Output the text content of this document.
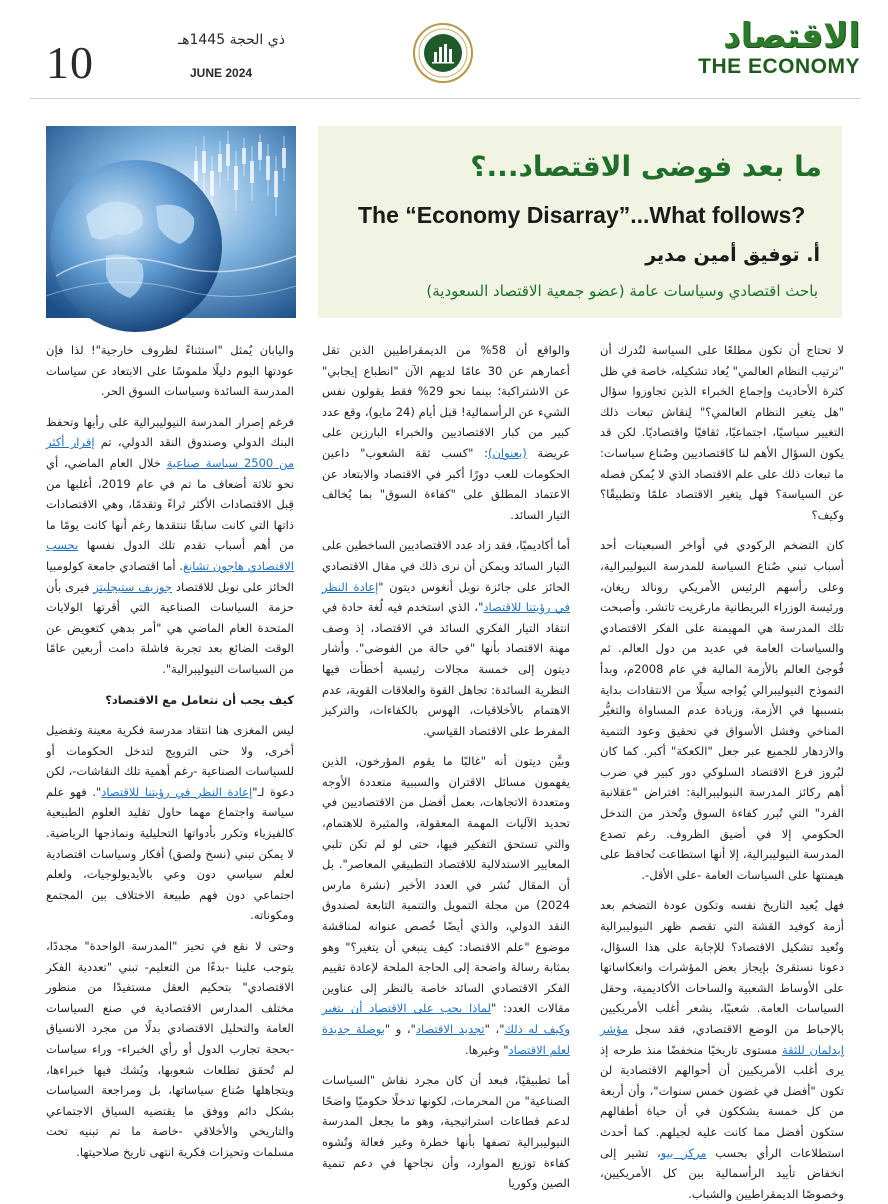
10	ذي الحجة 1445هـ
JUNE 2024
الاقتصاد
THE ECONOMY
ما بعد فوضى الاقتصاد...؟
The “Economy Disarray”...What follows?
أ. توفيق أمين مدير
باحث اقتصادي وسياسات عامة (عضو جمعية الاقتصاد السعودية)

لا تحتاج أن تكون مطلعًا على السياسة لتُدرك أن "ترتيب النظام العالمي" يُعاد تشكيله، خاصة في ظل كثرة الأحاديث وإجماع الخبراء الذين تجاوزوا سؤال "هل يتغير النظام العالمي؟" لِنقاش تبعات ذلك التغيير سياسيًا، اجتماعيًا، ثقافيًا واقتصاديًا. لكن قد يكون السؤال الأهم لنا كاقتصاديين وصُناع سياسات: ما تبعات ذلك على علم الاقتصاد الذي لا يُمكن فصله عن السياسة؟ فهل يتغير الاقتصاد علمًا وتطبيقًا؟ وكيف؟

كان التضخم الركودي في أواخر السبعينات أحد أسباب تبني صُناع السياسة للمدرسة النيوليبرالية، وعلى رأسهم الرئيس الأمريكي رونالد ريغان، ورئيسة الوزراء البريطانية مارغريت تاتشر. وأصبحت تلك المدرسة هي المهيمنة على الفكر الاقتصادي والسياسات العامة في عديد من دول العالم. ثم فُوجئ العالم بالأزمة المالية في عام 2008م، وبدأ النموذج النيوليبرالي يُواجه سيلًا من الانتقادات بداية بتسببها في الأزمة، وزيادة عدم المساواة والتغيُّر المناخي وفشل الأسواق في تحقيق وعود التنمية والازدهار للجميع عبر جعل "الكعكة" أكبر. كما كان لبُروز فرع الاقتصاد السلوكي دور كبير في ضرب أهم ركائز المدرسة النيوليبرالية: افتراض "عقلانية الفرد" التي تُبرر كفاءة السوق وتُحذر من التدخل الحكومي إلا في أضيق الظروف. رغم تصدع المدرسة النيوليبرالية، إلا أنها استطاعت تُحافظ على هيمنتها على السياسات العامة -على الأقل-.

فهل يُعيد التاريخ نفسه وتكون عودة التضخم بعد أزمة كوفيد القشة التي تقصم ظهر النيوليبرالية وتُعيد تشكيل الاقتصاد؟ للإجابة على هذا السؤال، دعونا نستقرئ بإيجاز بعض المؤشرات وانعكاساتها على الأوساط الشعبية والساحات الأكاديمية، وحقل السياسات العامة. شعبيًا، يشعر أغلب الأمريكيين بالإحباط من الوضع الاقتصادي، فقد سجل مؤشر إيدلمان للثقة مستوى تاريخيًا منخفضًا منذ طرحه إذ يرى أغلب الأمريكيين أن أحوالهم الاقتصادية لن تكون "أفضل في غضون خمس سنوات"، وأن أربعة من كل خمسة يشككون في أن حياة أطفالهم ستكون أفضل مما كانت عليه لجيلهم. كما أحدث استطلاعات الرأي بحسب مركز بيو، تشير إلى انخفاض تأييد الرأسمالية بين كل الأمريكيين، وخصوصًا الديمقراطيين والشباب.

والواقع أن 58% من الديمقراطيين الذين تقل أعمارهم عن 30 عامًا لديهم الآن "انطباع إيجابي" عن الاشتراكية؛ بينما نحو 29% فقط يقولون نفس الشيء عن الرأسمالية! قبل أيام (24 مايو)، وقع عدد كبير من كبار الاقتصاديين والخبراء البارزين على عريضة (بعنوان): "كسب ثقة الشعوب" داعين الحكومات للعب دورًا أكبر في الاقتصاد والابتعاد عن الاعتماد المطلق على "كفاءة السوق" بما يُخالف التيار السائد.

أما أكاديميًا، فقد زاد عدد الاقتصاديين الساخطين على التيار السائد ويمكن أن نرى ذلك في مقال الاقتصادي الحائز على جائزة نوبل أنغوس ديتون "إعادة النظر في رؤيتنا للاقتصاد"، الذي استخدم فيه لُغة حادة في انتقاد التيار الفكري السائد في الاقتصاد، إذ وصف مهنة الاقتصاد بأنها "في حالة من الفوضى". وأشار ديتون إلى خمسة مجالات رئيسية أخطأت فيها النظرية السائدة: تجاهل القوة والعلاقات القوية، عدم الاهتمام بالأخلاقيات، الهوس بالكفاءات، والتركيز المفرط على الاقتصاد القياسي.

وبيَّن ديتون أنه "غالبًا ما يقوم المؤرخون، الذين يفهمون مسائل الاقتران والسببية متعددة الأوجه ومتعددة الاتجاهات، بعمل أفضل من الاقتصاديين في تحديد الآليات المهمة المعقولة، والمثيرة للاهتمام، والتي تستحق التفكير فيها، حتى لو لم تكن تلبي المعايير الاستدلالية للاقتصاد التطبيقي المعاصر". بل أن المقال نُشر في العدد الأخير (نشرة مارس 2024) من مجلة التمويل والتنمية التابعة لصندوق النقد الدولي، والذي أيضًا خُصص عنوانه لمناقشة موضوع "علم الاقتصاد: كيف ينبغي أن يتغير؟" وهو بمثابة رسالة واضحة إلى الحاجة الملحة لإعادة تقييم الفكر الاقتصادي السائد خاصة بالنظر إلى عناوين مقالات العدد: "لماذا يجب على الاقتصاد أن يتغير وكيف له ذلك"، "تجديد الاقتصاد"، و "بوصلة جديدة لعلم الاقتصاد" وغيرها.

أما تطبيقيًا، فبعد أن كان مجرد نقاش "السياسات الصناعية" من المحرمات، لكونها تدخلًا حكوميًا واضحًا لدعم قطاعات استراتيجية، وهو ما يجعل المدرسة النيوليبرالية تصفها بأنها خطرة وغير فعالة وتُشوه كفاءة توزيع الموارد، وأن نجاحها في دعم تنمية الصين وكوريا

واليابان يُمثل "استثناءً لظروف خارجية"! لذا فإن عودتها اليوم دليلًا ملموسًا على الابتعاد عن سياسات المدرسة السائدة وسياسات السوق الحر.

فرغم إصرار المدرسة النيوليبرالية على رأيها وتحفظ البنك الدولي وصندوق النقد الدولي، تم إقرار أكثر من 2500 سياسة صناعية خلال العام الماضي، أي نحو ثلاثة أضعاف ما تم في عام 2019، أغلبها من قِبل الاقتصادات الأكثر ثراءً وتقدمًا، وهي الاقتصادات ذاتها التي كانت سابقًا تنتقدها رغم أنها كانت يومًا ما من أهم أسباب تقدم تلك الدول نفسها بحسب الاقتصادي هاجون تشانغ. أما اقتصادي جامعة كولومبيا الحائز على نوبل للاقتصاد جوزيف ستيجليتز فيرى بأن حزمة السياسات الصناعية التي أقرتها الولايات المتحدة العام الماضي هي "أمر بدهي كتعويض عن الوقت الضائع بعد تجربة فاشلة دامت أربعين عامًا من السياسات النيوليبرالية".

كيف يجب أن نتعامل مع الاقتصاد؟

ليس المغزى هنا انتقاد مدرسة فكرية معينة وتفضيل أخرى، ولا حتى الترويج لتدخل الحكومات أو للسياسات الصناعية -رغم أهمية تلك النقاشات-، لكن دعوة لـ"إعادة النظر في رؤيتنا للاقتصاد". فهو علم سياسة واجتماع مهما حاول تقليد العلوم الطبيعية كالفيزياء وتكرر بأدواتها التحليلية ونماذجها الرياضية. لا يمكن تبني (نسخ ولصق) أفكار وسياسات اقتصادية لعلم سياسي دون وعي بالأيديولوجيات، ولعلم اجتماعي دون فهم طبيعة الاختلاف بين المجتمع ومكوناته.

وحتى لا نقع في تحيز "المدرسة الواحدة" مجددًا، يتوجب علينا -بدءًا من التعليم- تبني "تعددية الفكر الاقتصادي" بتحكيم العقل مستفيدًا من منظور مختلف المدارس الاقتصادية في صنع السياسات العامة والتحليل الاقتصادي بدلًا من مجرد الانسياق -بحجة تجارب الدول أو رأي الخبراء- وراء سياسات لم تُحقق تطلعات شعوبها، ويُشك فيها خبراءها، ويتجاهلها صُناع سياساتها، بل ومراجعة السياسات بشكل دائم ووفق ما يقتضيه السياق الاجتماعي والتاريخي والأخلاقي -خاصة ما تم تبنيه تحت مسلمات وتحيزات فكرية انتهى تاريخ صلاحيتها.
